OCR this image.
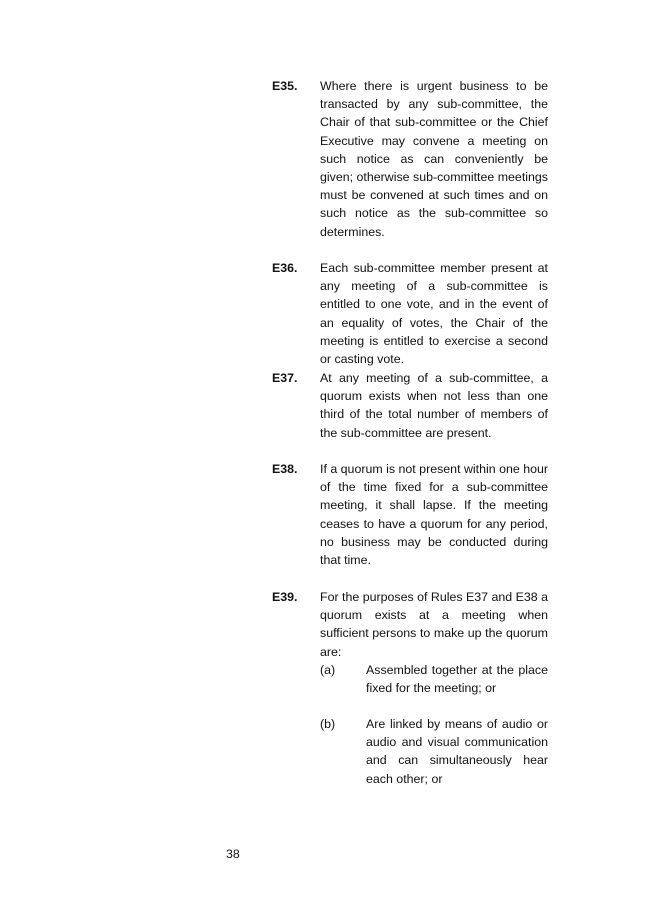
E35. Where there is urgent business to be transacted by any sub-committee, the Chair of that sub-committee or the Chief Executive may convene a meeting on such notice as can conveniently be given; otherwise sub-committee meetings must be convened at such times and on such notice as the sub-committee so determines.
E36. Each sub-committee member present at any meeting of a sub-committee is entitled to one vote, and in the event of an equality of votes, the Chair of the meeting is entitled to exercise a second or casting vote.
E37. At any meeting of a sub-committee, a quorum exists when not less than one third of the total number of members of the sub-committee are present.
E38. If a quorum is not present within one hour of the time fixed for a sub-committee meeting, it shall lapse. If the meeting ceases to have a quorum for any period, no business may be conducted during that time.
E39. For the purposes of Rules E37 and E38 a quorum exists at a meeting when sufficient persons to make up the quorum are:
(a) Assembled together at the place fixed for the meeting; or
(b) Are linked by means of audio or audio and visual communication and can simultaneously hear each other; or
38
